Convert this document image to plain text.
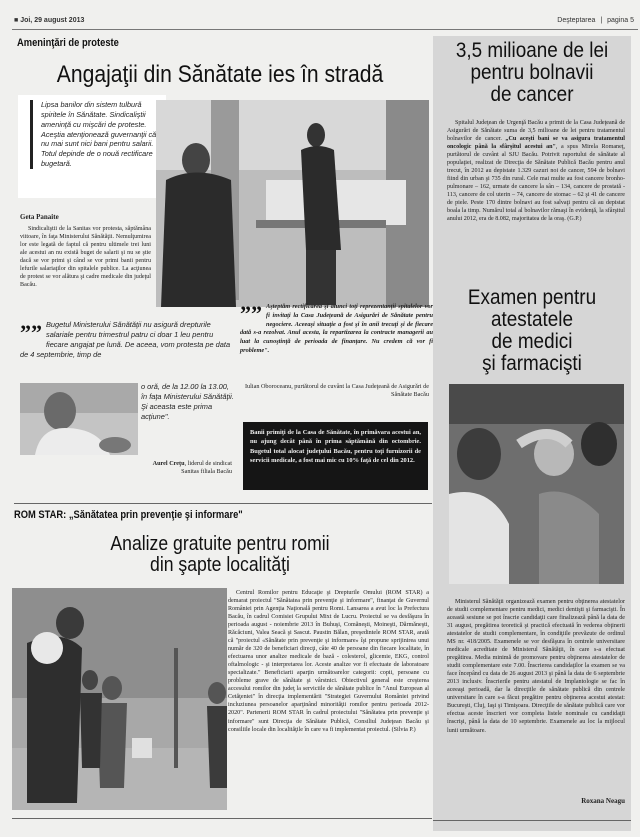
■ Joi, 29 august 2013	Deşteptarea | pagina 5
Ameninţări de proteste
Angajaţii din Sănătate ies în stradă
Lipsa banilor din sistem tulbură spiritele în Sănătate. Sindicaliştii ameninţă cu mişcări de proteste. Aceştia atenţionează guvernanţii că nu mai sunt nici bani pentru salarii. Totul depinde de o nouă rectificare bugetară.
Geta Panaite

Sindicaliştii de la Sanitas vor protesta, săptămâna viitoare, în faţa Ministerului Sănătăţii. Nemulţumirea lor este legată de faptul că pentru ultimele trei luni ale acestui an nu există buget de salarii şi nu se ştie dacă se vor primi şi când se vor primi banii pentru lefurile salariaţilor din spitalele publice. La acţiunea de protest se vor alătura şi cadre medicale din judeţul Bacău.

”” Bugetul Ministerului Sănătăţii nu asigură drepturile salariale pentru trimestrul patru ci doar 1 leu pentru fiecare angajat pe lună. De aceea, vom protesta pe data de 4 septembrie, timp de
o oră, de la 12.00 la 13.00, în faţa Ministerului Sănătăţii. Şi aceasta este prima acţiune".
Aurel Creţu, liderul de sindicat Sanitas filiala Bacău
”” Aşteptăm rectificarea şi atunci toţi reprezentanţii spitalelor vor fi invitaţi la Casa Judeţeană de Asigurări de Sănătate pentru negociere. Aceeaşi situaţie a fost şi în anii trecuţi şi de fiecare dată s-a rezolvat. Anul acesta, la repartizarea la contracte managerii au luat la cunoştinţă de perioada de finanţare. Nu credem că vor fi probleme".
Iulian Oboroceanu, purtătorul de cuvânt la Casa Judeţeană de Asigurări de Sănătate Bacău
Banii primiţi de la Casa de Sănătate, în primăvara acestui an, nu ajung decât până în prima săptămână din octombrie. Bugetul total alocat judeţului Bacău, pentru toţi furnizorii de servicii medicale, a fost mai mic cu 10% faţă de cel din 2012.
ROM STAR: „Sănătatea prin prevenţie şi informare"
Analize gratuite pentru romii
din şapte localităţi

Centrul Romilor pentru Educaţie şi Drepturile Omului (ROM STAR) a demarat proiectul "Sănătatea prin prevenţie şi informare", finanţat de Guvernul României prin Agenţia Naţională pentru Romi. Lansarea a avut loc la Prefectura Bacău, în cadrul Comisiei Grupului Mixt de Lucru. Proiectul se va desfăşura în perioada august - noiembrie 2013 în Buhuşi, Comăneşti, Moineşti, Dărmăneşti, Răcăciuni, Valea Seacă şi Sascut. Paustin Bălan, preşedintele ROM STAR, arată că "proiectul «Sănătate prin prevenţie şi informare» îşi propune sprijinirea unui număr de 320 de beneficiari direcţi, câte 40 de persoane din fiecare localitate, în efectuarea unor analize medicale de bază - colesterol, glicemie, EKG, control oftalmologic - şi interpretarea lor. Aceste analize vor fi efectuate de laboratoare specializate." Beneficiarii aparţin următoarelor categorii: copii, persoane cu probleme grave de sănătate şi vârstnici. Obiectivul general este creşterea accesului romilor din judeţ la serviciile de sănătate publice în "Anul European al Cetăţeniei" în direcţia implementării "Strategiei Guvernului României privind incluziunea persoanelor aparţinând minorităţii romilor pentru perioada 2012-2020". Partenerii ROM STAR în cadrul proiectului "Sănătatea prin prevenţie şi informare" sunt Direcţia de Sănătate Publică, Consiliul Judeţean Bacău şi consiliile locale din localităţile în care va fi implementat proiectul. (Silvia P.)

3,5 milioane de lei
pentru bolnavii
de cancer

Spitalul Judeţean de Urgenţă Bacău a primit de la Casa Judeţeană de Asigurări de Sănătate suma de 3,5 milioane de lei pentru tratamentul bolnavilor de cancer. „Cu aceşti bani se va asigura tratamentul oncologic până la sfârşitul acestui an", a spus Mirela Romaneţ, purtătorul de cuvânt al SJU Bacău. Potrivit raportului de sănătate al populaţiei, realizat de Direcţia de Sănătate Publică Bacău pentru anul trecut, în 2012 au depistate 1.329 cazuri noi de cancer, 594 de bolnavi fiind din urban şi 735 din rural. Cele mai multe au fost cancere bronho-pulmonare – 162, urmate de cancere la sân – 134, cancere de prostată - 113, cancere de col uterin – 74, cancere de stomac – 62 şi 41 de cancere de piele. Peste 170 dintre bolnavi au fost salvaţi pentru că au depistat boala la timp. Numărul total al bolnavilor rămaşi în evidenţă, la sfârşitul anului 2012, era de 8.082, majoritatea de la oraş. (G.P.)

Examen pentru
atestatele
de medici
şi farmacişti

Ministerul Sănătăţii organizează examen pentru obţinerea atestatelor de studii complementare pentru medici, medici dentişti şi farmacişti. În această sesiune se pot înscrie candidaţii care finalizează până la data de 31 august, pregătirea teoretică şi practică efectuată în vederea obţinerii atestatelor de studii complementare, în condiţiile prevăzute de ordinul MS nr. 418/2005. Examenele se vor desfăşura în centrele universitare medicale acreditate de Ministerul Sănătăţii, în care s-a efectuat pregătirea. Media minimă de promovare pentru obţinerea atestatelor de studii complementare este 7.00. Înscrierea candidaţilor la examen se va face începând cu data de 26 august 2013 şi până la data de 6 septembrie 2013 inclusiv. Înscrierile pentru atestatul de Implantologie se fac în aceeaşi perioadă, dar la direcţiile de sănătate publică din centrele universitare în care s-a făcut pregătire pentru obţinerea acestui atestat: Bucureşti, Cluj, Iaşi şi Timişoara. Direcţiile de sănătate publică care vor efectua aceste înscrieri vor completa listele nominale cu candidaţii înscrişi, până la data de 10 septembrie. Examenele au loc la mijlocul lunii următoare.

Roxana Neagu
